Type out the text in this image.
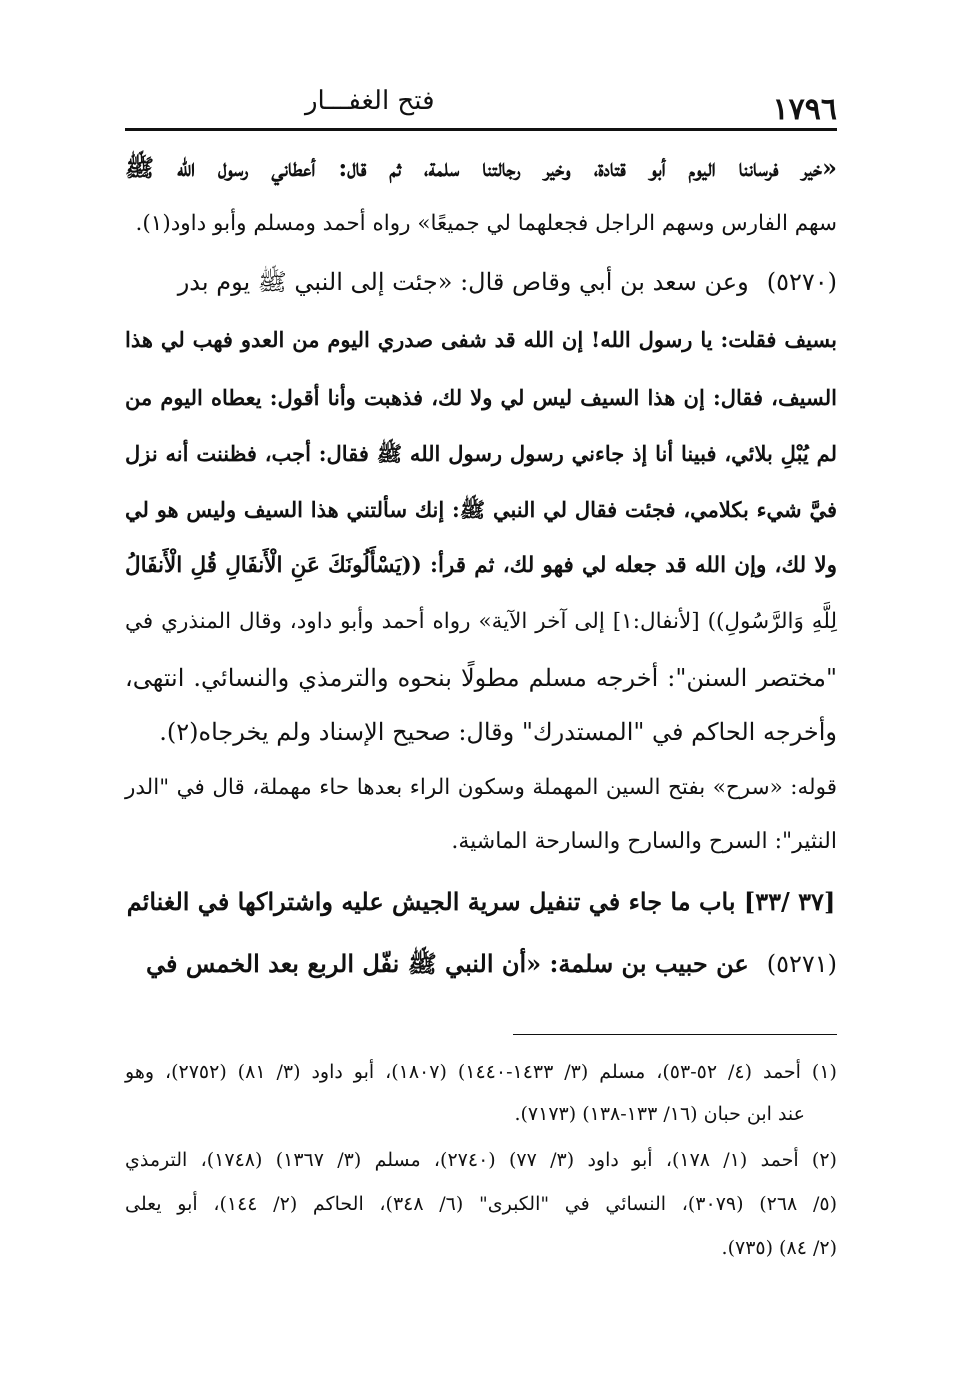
١٧٩٦
فتح الغفـــار
«خير فرساننا اليوم أبو قتادة، وخير رجالتنا سلمة، ثم قال: أعطاني رسول الله ﷺ
سهم الفارس وسهم الراجل فجعلهما لي جميعًا» رواه أحمد ومسلم وأبو داود(١).
(٥٢٧٠)وعن سعد بن أبي وقاص قال: «جئت إلى النبي ﷺ يوم بدر
بسيف فقلت: يا رسول الله! إن الله قد شفى صدري اليوم من العدو فهب لي هذا
السيف، فقال: إن هذا السيف ليس لي ولا لك، فذهبت وأنا أقول: يعطاه اليوم من
لم يُبْلِ بلائي، فبينا أنا إذ جاءني رسول رسول الله ﷺ فقال: أجب، فظننت أنه نزل
فيَّ شيء بكلامي، فجئت فقال لي النبي ﷺ: إنك سألتني هذا السيف وليس هو لي
ولا لك، وإن الله قد جعله لي فهو لك، ثم قرأ: ((يَسْأَلُونَكَ عَنِ الْأَنفَالِ قُلِ الْأَنفَالُ
لِلَّهِ وَالرَّسُولِ)) [لأنفال:١] إلى آخر الآية» رواه أحمد وأبو داود، وقال المنذري في
"مختصر السنن": أخرجه مسلم مطولًا بنحوه والترمذي والنسائي. انتهى،
وأخرجه الحاكم في "المستدرك" وقال: صحيح الإسناد ولم يخرجاه(٢).
قوله: «سرح» بفتح السين المهملة وسكون الراء بعدها حاء مهملة، قال في "الدر
النثير": السرح والسارح والسارحة الماشية.
[٣٧ /٣٣] باب ما جاء في تنفيل سرية الجيش عليه واشتراكها في الغنائم
(٥٢٧١)عن حبيب بن سلمة: «أن النبي ﷺ نفّل الربع بعد الخمس في
(١) أحمد (٤/ ٥٢-٥٣)، مسلم (٣/ ١٤٣٣-١٤٤٠) (١٨٠٧)، أبو داود (٣/ ٨١) (٢٧٥٢)، وهو
عند ابن حبان (١٦/ ١٣٣-١٣٨) (٧١٧٣).
(٢) أحمد (١/ ١٧٨)، أبو داود (٣/ ٧٧) (٢٧٤٠)، مسلم (٣/ ١٣٦٧) (١٧٤٨)، الترمذي
(٥/ ٢٦٨) (٣٠٧٩)، النسائي في "الكبرى" (٦/ ٣٤٨)، الحاكم (٢/ ١٤٤)، أبو يعلى
(٢/ ٨٤) (٧٣٥).
